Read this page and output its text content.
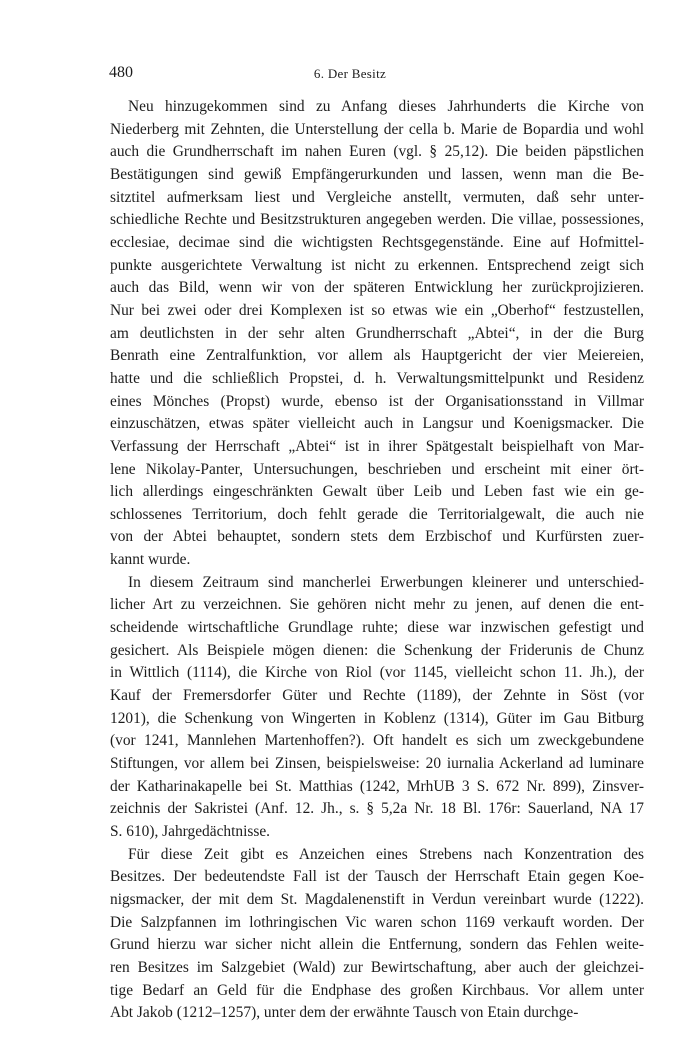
480	6. Der Besitz
Neu hinzugekommen sind zu Anfang dieses Jahrhunderts die Kirche von
Niederberg mit Zehnten, die Unterstellung der cella b. Marie de Bopardia und wohl
auch die Grundherrschaft im nahen Euren (vgl. § 25,12). Die beiden päpstlichen
Bestätigungen sind gewiß Empfängerurkunden und lassen, wenn man die Be-
sitztitel aufmerksam liest und Vergleiche anstellt, vermuten, daß sehr unter-
schiedliche Rechte und Besitzstrukturen angegeben werden. Die villae, possessiones,
ecclesiae, decimae sind die wichtigsten Rechtsgegenstände. Eine auf Hofmittel-
punkte ausgerichtete Verwaltung ist nicht zu erkennen. Entsprechend zeigt sich
auch das Bild, wenn wir von der späteren Entwicklung her zurückprojizieren.
Nur bei zwei oder drei Komplexen ist so etwas wie ein „Oberhof“ festzustellen,
am deutlichsten in der sehr alten Grundherrschaft „Abtei“, in der die Burg
Benrath eine Zentralfunktion, vor allem als Hauptgericht der vier Meiereien,
hatte und die schließlich Propstei, d. h. Verwaltungsmittelpunkt und Residenz
eines Mönches (Propst) wurde, ebenso ist der Organisationsstand in Villmar
einzuschätzen, etwas später vielleicht auch in Langsur und Koenigsmacker. Die
Verfassung der Herrschaft „Abtei“ ist in ihrer Spätgestalt beispielhaft von Mar-
lene Nikolay-Panter, Untersuchungen, beschrieben und erscheint mit einer ört-
lich allerdings eingeschränkten Gewalt über Leib und Leben fast wie ein ge-
schlossenes Territorium, doch fehlt gerade die Territorialgewalt, die auch nie
von der Abtei behauptet, sondern stets dem Erzbischof und Kurfürsten zuer-
kannt wurde.
In diesem Zeitraum sind mancherlei Erwerbungen kleinerer und unterschied-
licher Art zu verzeichnen. Sie gehören nicht mehr zu jenen, auf denen die ent-
scheidende wirtschaftliche Grundlage ruhte; diese war inzwischen gefestigt und
gesichert. Als Beispiele mögen dienen: die Schenkung der Friderunis de Chunz
in Wittlich (1114), die Kirche von Riol (vor 1145, vielleicht schon 11. Jh.), der
Kauf der Fremersdorfer Güter und Rechte (1189), der Zehnte in Söst (vor
1201), die Schenkung von Wingerten in Koblenz (1314), Güter im Gau Bitburg
(vor 1241, Mannlehen Martenhoffen?). Oft handelt es sich um zweckgebundene
Stiftungen, vor allem bei Zinsen, beispielsweise: 20 iurnalia Ackerland ad luminare
der Katharinakapelle bei St. Matthias (1242, MrhUB 3 S. 672 Nr. 899), Zinsver-
zeichnis der Sakristei (Anf. 12. Jh., s. § 5,2a Nr. 18 Bl. 176r: Sauerland, NA 17
S. 610), Jahrgedächtnisse.
Für diese Zeit gibt es Anzeichen eines Strebens nach Konzentration des
Besitzes. Der bedeutendste Fall ist der Tausch der Herrschaft Etain gegen Koe-
nigsmacker, der mit dem St. Magdalenenstift in Verdun vereinbart wurde (1222).
Die Salzpfannen im lothringischen Vic waren schon 1169 verkauft worden. Der
Grund hierzu war sicher nicht allein die Entfernung, sondern das Fehlen weite-
ren Besitzes im Salzgebiet (Wald) zur Bewirtschaftung, aber auch der gleichzei-
tige Bedarf an Geld für die Endphase des großen Kirchbaus. Vor allem unter
Abt Jakob (1212–1257), unter dem der erwähnte Tausch von Etain durchge-
